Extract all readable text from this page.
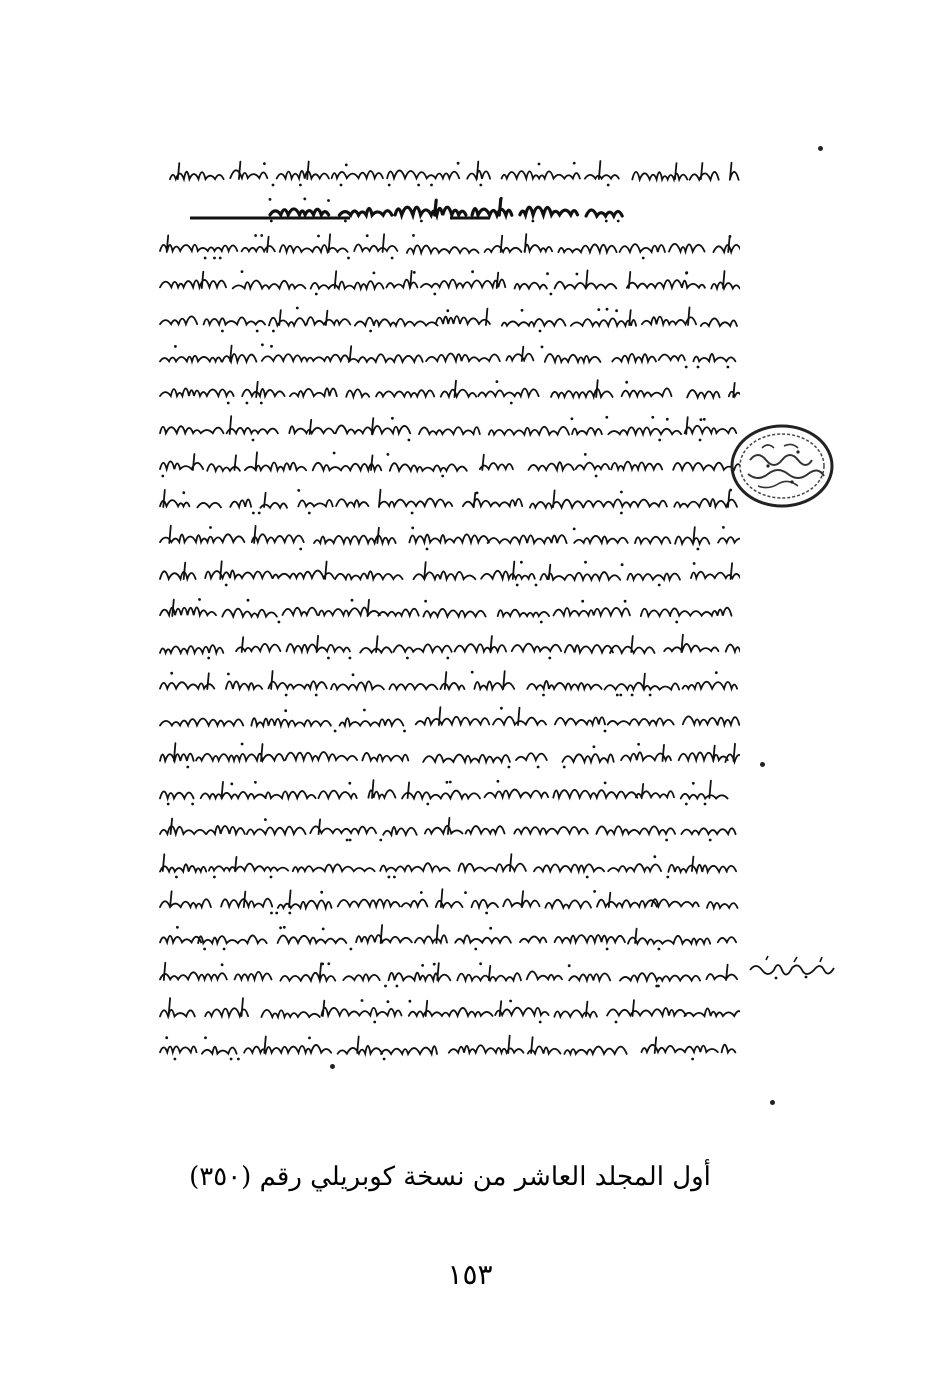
أول المجلد العاشر من نسخة كوبريلي رقم (٣٥٠)
١٥٣
